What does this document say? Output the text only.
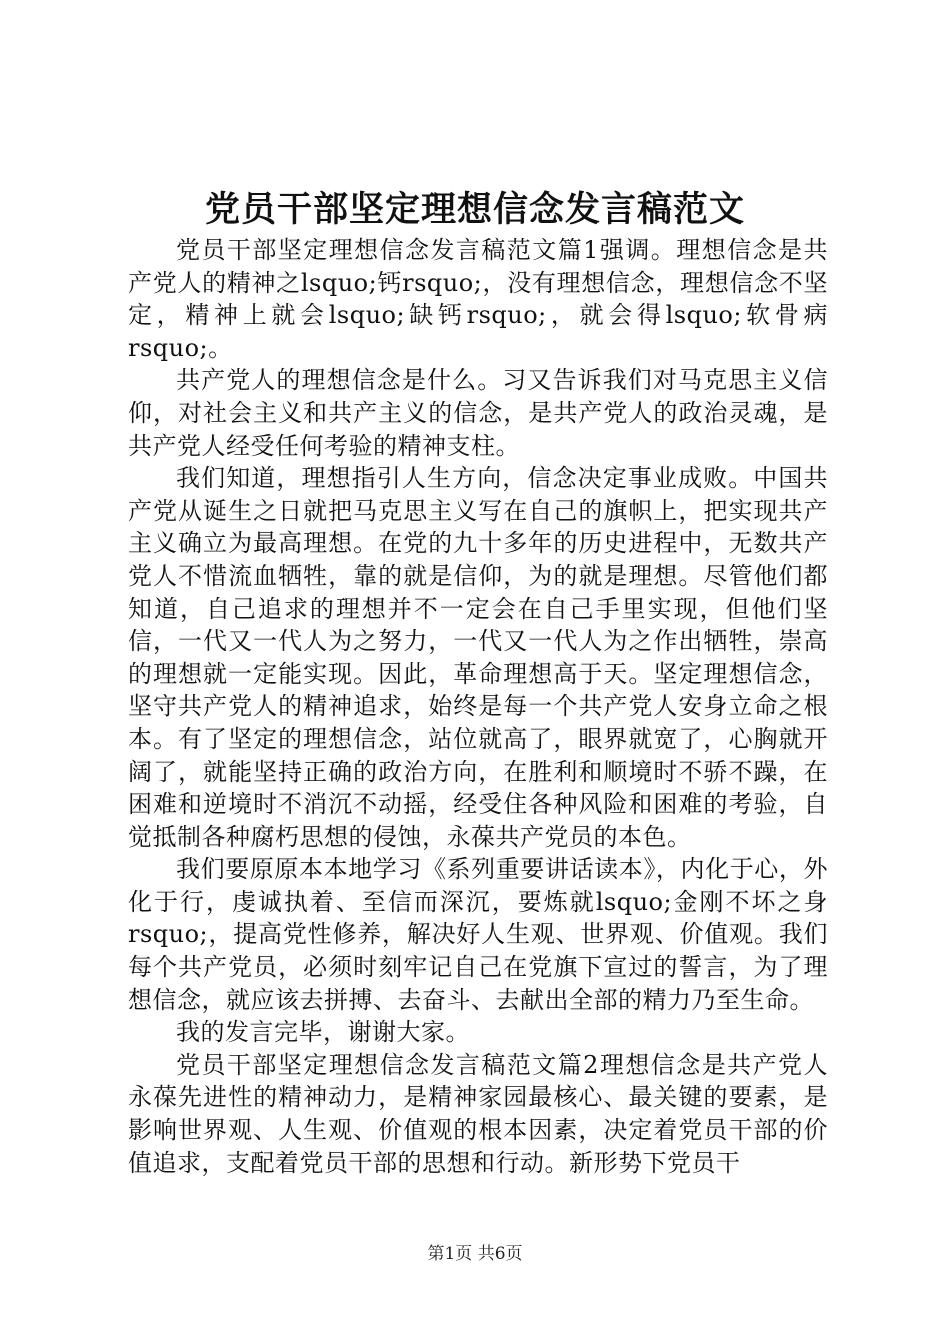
党员干部坚定理想信念发言稿范文

党员干部坚定理想信念发言稿范文篇1强调。理想信念是共产党人的精神之lsquo;钙rsquo;，没有理想信念，理想信念不坚定，精神上就会lsquo;缺钙rsquo;，就会得lsquo;软骨病rsquo;。

共产党人的理想信念是什么。习又告诉我们对马克思主义信仰，对社会主义和共产主义的信念，是共产党人的政治灵魂，是共产党人经受任何考验的精神支柱。

我们知道，理想指引人生方向，信念决定事业成败。中国共产党从诞生之日就把马克思主义写在自己的旗帜上，把实现共产主义确立为最高理想。在党的九十多年的历史进程中，无数共产党人不惜流血牺牲，靠的就是信仰，为的就是理想。尽管他们都知道，自己追求的理想并不一定会在自己手里实现，但他们坚信，一代又一代人为之努力，一代又一代人为之作出牺牲，崇高的理想就一定能实现。因此，革命理想高于天。坚定理想信念，坚守共产党人的精神追求，始终是每一个共产党人安身立命之根本。有了坚定的理想信念，站位就高了，眼界就宽了，心胸就开阔了，就能坚持正确的政治方向，在胜利和顺境时不骄不躁，在困难和逆境时不消沉不动摇，经受住各种风险和困难的考验，自觉抵制各种腐朽思想的侵蚀，永葆共产党员的本色。

我们要原原本本地学习《系列重要讲话读本》，内化于心，外化于行，虔诚执着、至信而深沉，要炼就lsquo;金刚不坏之身rsquo;，提高党性修养，解决好人生观、世界观、价值观。我们每个共产党员，必须时刻牢记自己在党旗下宣过的誓言，为了理想信念，就应该去拼搏、去奋斗、去献出全部的精力乃至生命。

我的发言完毕，谢谢大家。

党员干部坚定理想信念发言稿范文篇2理想信念是共产党人永葆先进性的精神动力，是精神家园最核心、最关键的要素，是影响世界观、人生观、价值观的根本因素，决定着党员干部的价值追求，支配着党员干部的思想和行动。新形势下党员干

第1页 共6页
